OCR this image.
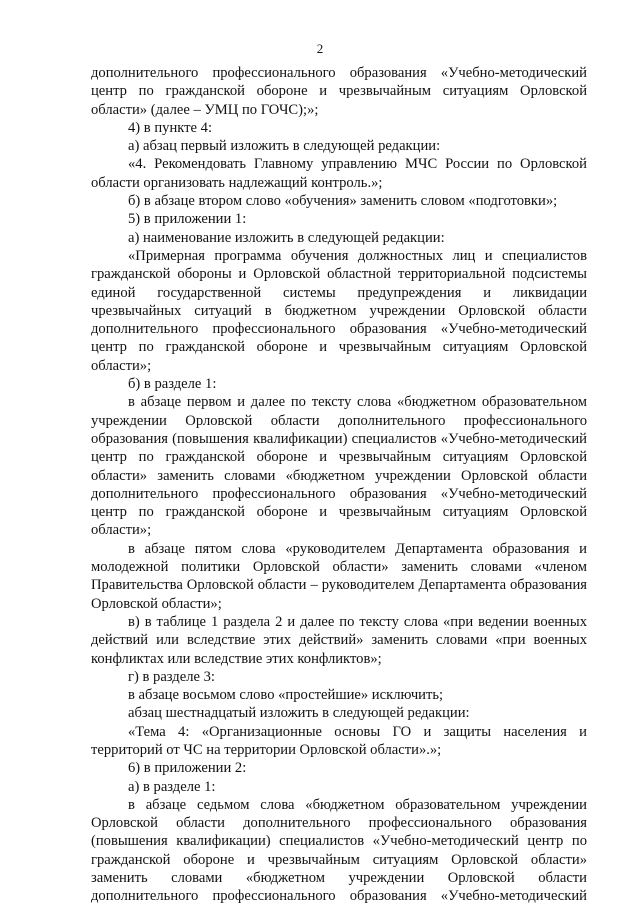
2

дополнительного профессионального образования «Учебно-методический центр по гражданской обороне и чрезвычайным ситуациям Орловской области» (далее – УМЦ по ГОЧС);»;

4) в пункте 4:

а) абзац первый изложить в следующей редакции:

«4. Рекомендовать Главному управлению МЧС России по Орловской области организовать надлежащий контроль.»;

б) в абзаце втором слово «обучения» заменить словом «подготовки»;

5) в приложении 1:

а) наименование изложить в следующей редакции:

«Примерная программа обучения должностных лиц и специалистов гражданской обороны и Орловской областной территориальной подсистемы единой государственной системы предупреждения и ликвидации чрезвычайных ситуаций в бюджетном учреждении Орловской области дополнительного профессионального образования «Учебно-методический центр по гражданской обороне и чрезвычайным ситуациям Орловской области»;

б) в разделе 1:

в абзаце первом и далее по тексту слова «бюджетном образовательном учреждении Орловской области дополнительного профессионального образования (повышения квалификации) специалистов «Учебно-методический центр по гражданской обороне и чрезвычайным ситуациям Орловской области» заменить словами «бюджетном учреждении Орловской области дополнительного профессионального образования «Учебно-методический центр по гражданской обороне и чрезвычайным ситуациям Орловской области»;

в абзаце пятом слова «руководителем Департамента образования и молодежной политики Орловской области» заменить словами «членом Правительства Орловской области – руководителем Департамента образования Орловской области»;

в) в таблице 1 раздела 2 и далее по тексту слова «при ведении военных действий или вследствие этих действий» заменить словами «при военных конфликтах или вследствие этих конфликтов»;

г) в разделе 3:

в абзаце восьмом слово «простейшие» исключить;

абзац шестнадцатый изложить в следующей редакции:

«Тема 4: «Организационные основы ГО и защиты населения и территорий от ЧС на территории Орловской области».»;

6) в приложении 2:

а) в разделе 1:

в абзаце седьмом слова «бюджетном образовательном учреждении Орловской области дополнительного профессионального образования (повышения квалификации) специалистов «Учебно-методический центр по гражданской обороне и чрезвычайным ситуациям Орловской области» заменить словами «бюджетном учреждении Орловской области дополнительного профессионального образования «Учебно-методический
